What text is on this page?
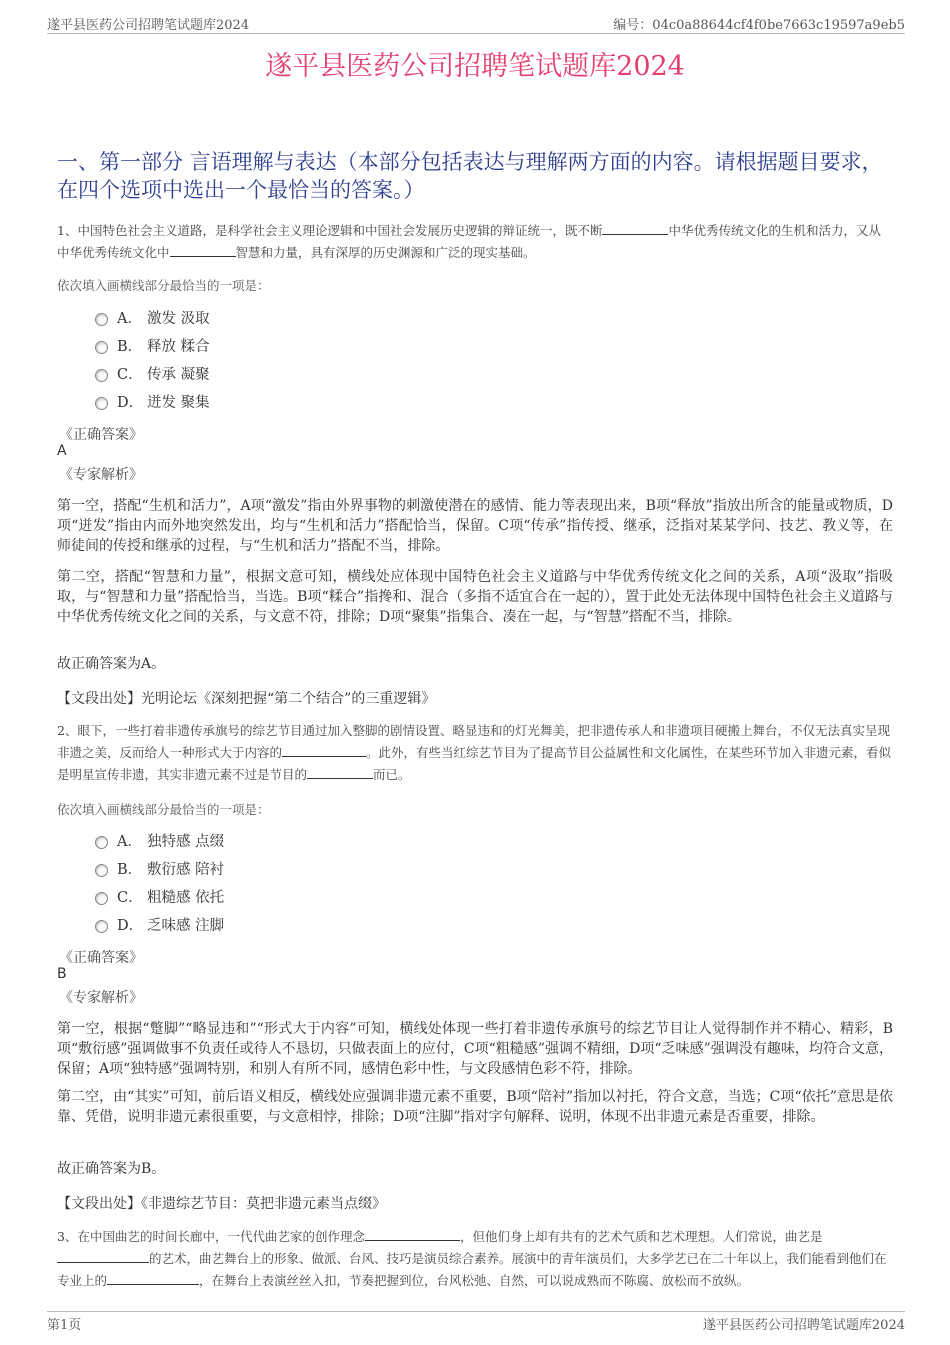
遂平县医药公司招聘笔试题库2024	编号：04c0a88644cf4f0be7663c19597a9eb5
遂平县医药公司招聘笔试题库2024
一、第一部分 言语理解与表达（本部分包括表达与理解两方面的内容。请根据题目要求，在四个选项中选出一个最恰当的答案。）
1、中国特色社会主义道路，是科学社会主义理论逻辑和中国社会发展历史逻辑的辩证统一，既不断	中华优秀传统文化的生机和活力，又从中华优秀传统文化中	智慧和力量，具有深厚的历史渊源和广泛的现实基础。
依次填入画横线部分最恰当的一项是：
A． 激发 汲取
B． 释放 糅合
C． 传承 凝聚
D． 迸发 聚集
《正确答案》
A
《专家解析》
第一空，搭配“生机和活力”，A项“激发”指由外界事物的刺激使潜在的感情、能力等表现出来，B项“释放”指放出所含的能量或物质，D项“迸发”指由内而外地突然发出，均与“生机和活力”搭配恰当，保留。C项“传承”指传授、继承，泛指对某某学问、技艺、教义等，在师徒间的传授和继承的过程，与“生机和活力”搭配不当，排除。
第二空，搭配“智慧和力量”，根据文意可知，横线处应体现中国特色社会主义道路与中华优秀传统文化之间的关系，A项“汲取”指吸取，与“智慧和力量”搭配恰当，当选。B项“糅合”指搀和、混合（多指不适宜合在一起的），置于此处无法体现中国特色社会主义道路与中华优秀传统文化之间的关系，与文意不符，排除；D项“聚集”指集合、凑在一起，与“智慧”搭配不当，排除。
故正确答案为A。
【文段出处】光明论坛《深刻把握“第二个结合”的三重逻辑》
2、眼下，一些打着非遗传承旗号的综艺节目通过加入整脚的剧情设置、略显违和的灯光舞美，把非遗传承人和非遗项目硬搬上舞台，不仅无法真实呈现非遗之美，反而给人一种形式大于内容的	。此外，有些当红综艺节目为了提高节目公益属性和文化属性，在某些环节加入非遗元素，看似是明星宣传非遗，其实非遗元素不过是节目的	而已。
依次填入画横线部分最恰当的一项是：
A． 独特感 点缀
B． 敷衍感 陪衬
C． 粗糙感 依托
D． 乏味感 注脚
《正确答案》
B
《专家解析》
第一空，根据“蹩脚”“略显违和”“形式大于内容”可知，横线处体现一些打着非遗传承旗号的综艺节目让人觉得制作并不精心、精彩，B项“敷衍感”强调做事不负责任或待人不恳切，只做表面上的应付，C项“粗糙感”强调不精细，D项“乏味感”强调没有趣味，均符合文意，保留；A项“独特感”强调特别，和别人有所不同，感情色彩中性，与文段感情色彩不符，排除。
第二空，由“其实”可知，前后语义相反，横线处应强调非遗元素不重要，B项“陪衬”指加以衬托，符合文意，当选；C项“依托”意思是依靠、凭借，说明非遗元素很重要，与文意相悖，排除；D项“注脚”指对字句解释、说明，体现不出非遗元素是否重要，排除。
故正确答案为B。
【文段出处】《非遗综艺节目：莫把非遗元素当点缀》
3、在中国曲艺的时间长廊中，一代代曲艺家的创作理念	，但他们身上却有共有的艺术气质和艺术理想。人们常说，曲艺是的艺术，曲艺舞台上的形象、做派、台风、技巧是演员综合素养。展演中的青年演员们，大多学艺已在二十年以上，我们能看到他们在专业上的	，在舞台上表演丝丝入扣，节奏把握到位，台风松弛、自然，可以说成熟而不陈腐、放松而不放纵。
第1页	遂平县医药公司招聘笔试题库2024
